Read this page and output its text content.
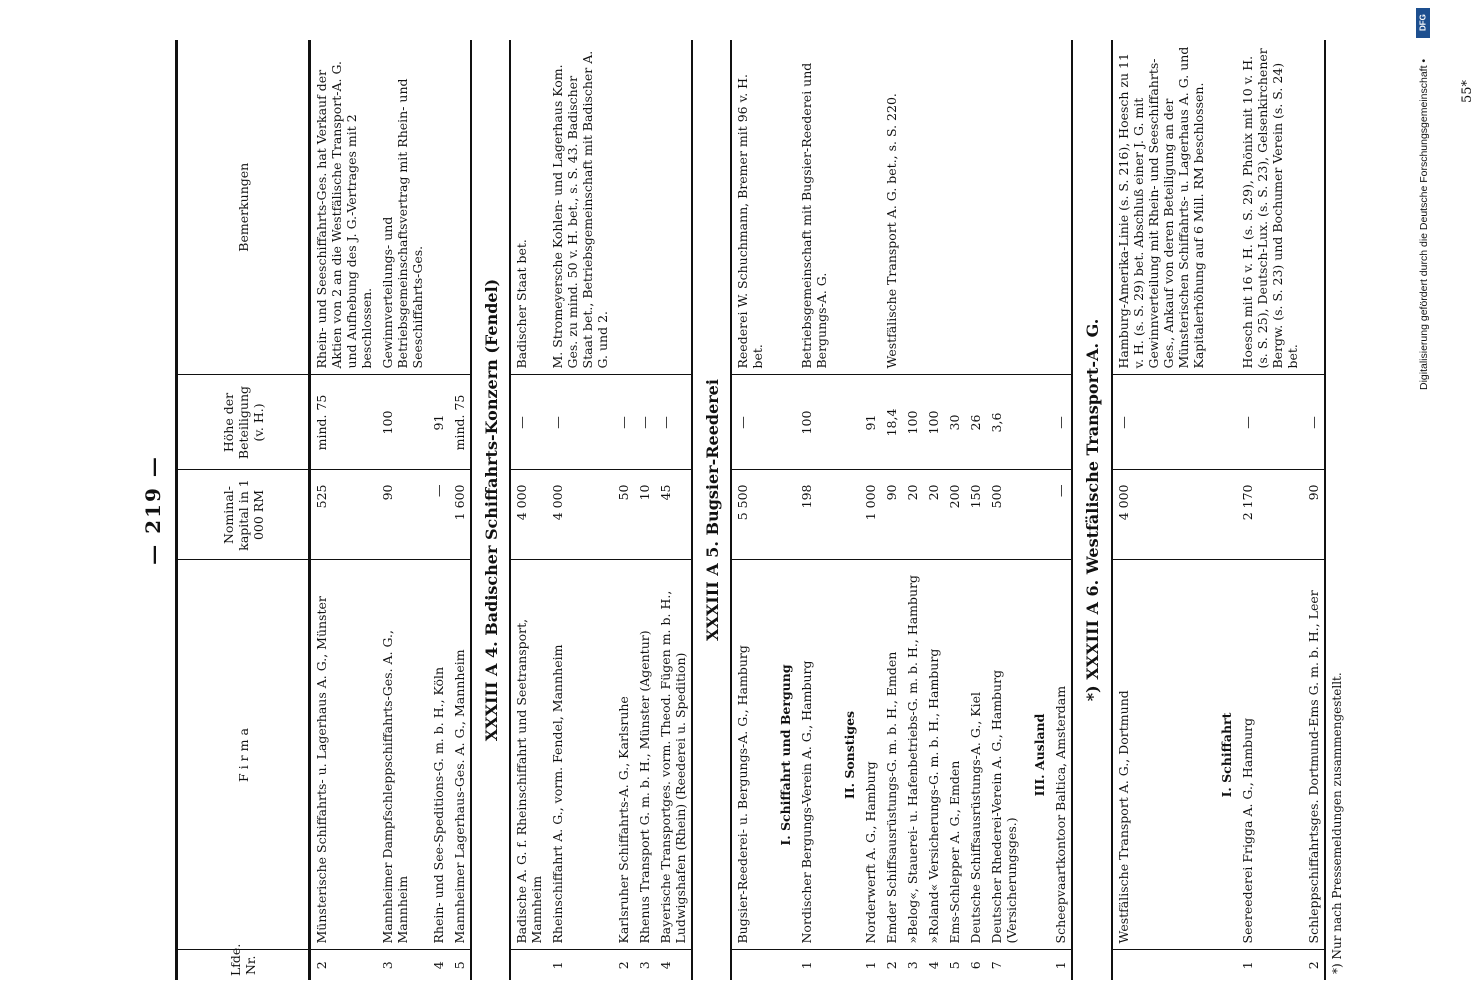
— 219 —
Lfde. Nr.	F i r m a	Nominal-kapital in 1 000 RM	Höhe der Beteiligung (v. H.)	Bemerkungen
2	Münsterische Schiffahrts- u. Lagerhaus A. G., Münster	525	mind. 75	Rhein- und Seeschiffahrts-Ges. hat Verkauf der Aktien von 2 an die Westfälische Transport-A. G. und Aufhebung des J. G.-Vertrages mit 2 beschlossen.
3	Mannheimer Dampfschleppschiffahrts-Ges. A. G., Mannheim	90	100	Gewinnverteilungs- und Betriebsgemeinschaftsvertrag mit Rhein- und Seeschiffahrts-Ges.
4	Rhein- und See-Speditions-G. m. b. H., Köln	—	91	
5	Mannheimer Lagerhaus-Ges. A. G., Mannheim	1 600	mind. 75	
XXXIII A 4. Badischer Schiffahrts-Konzern (Fendel)				
	Badische A. G. f. Rheinschiffahrt und Seetransport, Mannheim	4 000	—	Badischer Staat bet.
1	Rheinschiffahrt A. G., vorm. Fendel, Mannheim	4 000	—	M. Stromeyersche Kohlen- und Lagerhaus Kom. Ges. zu mind. 50 v. H. bet., s. S. 43. Badischer Staat bet., Betriebsgemeinschaft mit Badischer A. G. und 2.
2	Karlsruher Schiffahrts-A. G., Karlsruhe	50	—	
3	Rhenus Transport G. m. b. H., Münster (Agentur)	10	—	
4	Bayerische Transportges. vorm. Theod. Fügen m. b. H., Ludwigshafen (Rhein) (Reederei u. Spedition)	45	—	
XXXIII A 5. Bugsier-Reederei				
	Bugsier-Reederei- u. Bergungs-A. G., Hamburg	5 500	—	Reederei W. Schuchmann, Bremer mit 96 v. H. bet.
	I. Schiffahrt und Bergung			
1	Nordischer Bergungs-Verein A. G., Hamburg	198	100	Betriebsgemeinschaft mit Bugsier-Reederei und Bergungs-A. G.
	II. Sonstiges			
1	Norderwerft A. G., Hamburg	1 000	91	
2	Emder Schiffsausrüstungs-G. m. b. H., Emden	90	18,4	Westfälische Transport A. G. bet., s. S. 220.
3	»Belog«, Stauerei- u. Hafenbetriebs-G. m. b. H., Hamburg	20	100	
4	»Roland« Versicherungs-G. m. b. H., Hamburg	20	100	
5	Ems-Schlepper A. G., Emden	200	30	
6	Deutsche Schiffsausrüstungs-A. G., Kiel	150	26	
7	Deutscher Rhederei-Verein A. G., Hamburg (Versicherungsges.)	500	3,6	
	III. Ausland			
1	Scheepvaartkontoor Baltica, Amsterdam	—	—	
*) XXXIII A 6. Westfälische Transport-A. G.				
	Westfälische Transport A. G., Dortmund	4 000	—	Hamburg-Amerika-Linie (s. S. 216), Hoesch zu 11 v. H. (s. S. 29) bet. Abschluß einer J. G. mit Gewinnverteilung mit Rhein- und Seeschiffahrts-Ges., Ankauf von deren Beteiligung an der Münsterischen Schiffahrts- u. Lagerhaus A. G. und Kapitalerhöhung auf 6 Mill. RM beschlossen.
	I. Schiffahrt			
1	Seereederei Frigga A. G., Hamburg	2 170	—	Hoesch mit 16 v. H. (s. S. 29), Phönix mit 10 v. H. (s. S. 25), Deutsch-Lux. (s. S. 23), Gelsenkirchener Bergw. (s. S. 23) und Bochumer Verein (s. S. 24) bet.
2	Schleppschiffahrtsges. Dortmund-Ems G. m. b. H., Leer	90	—	
*) Nur nach Pressemeldungen zusammengestellt.				
55*
Digitalisierung gefördert durch die Deutsche Forschungsgemeinschaft •
DFG
